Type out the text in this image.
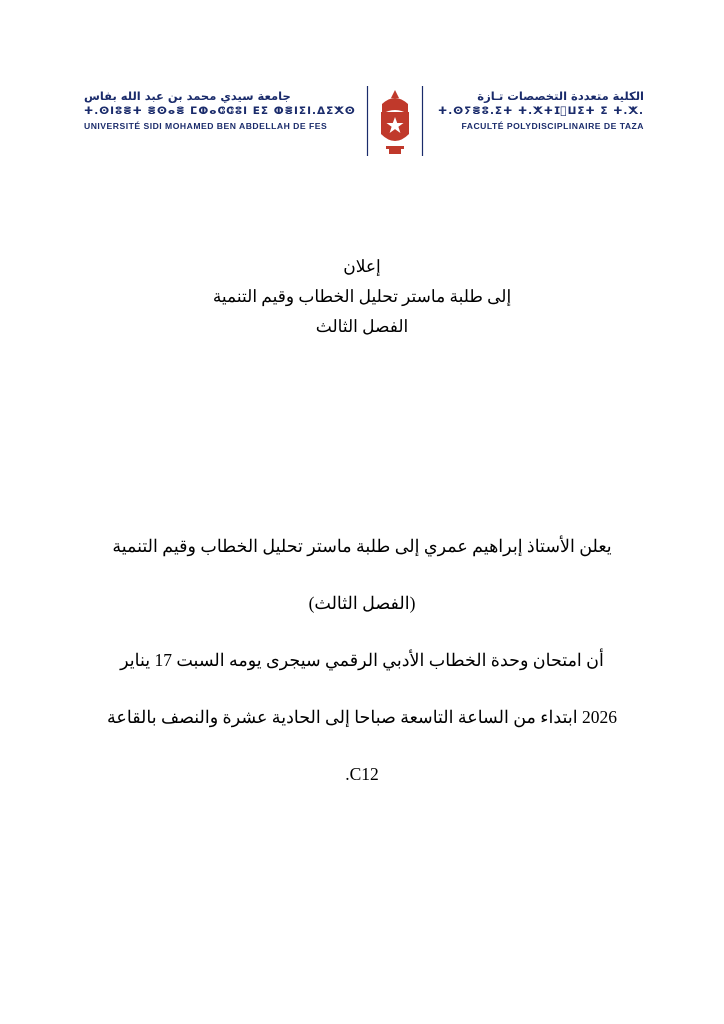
الكلية متعددة التخصصات تـازة
ⵜ.ⵙⵢⴻⵓ.ⵉⵜ ⵜ.ⵅⵜⵊ⵿ⵡⵉⵜ ⵉ ⵜ.ⵅ.
FACULTÉ POLYDISCIPLINAIRE DE TAZA
جامعة سيدي محمد بن عبد الله بفاس
ⵜ.ⵙⵏⵓⴻⵜ ⴻⵙⴰⴻ ⵎⵀⴰⵛⵛⵓⵏ ⴹⵉ ⵀⴻⵏⵉⵏ.ⵠⵉⵅⵙ
UNIVERSITÉ SIDI MOHAMED BEN ABDELLAH DE FES
إعلان
إلى طلبة ماستر تحليل الخطاب وقيم التنمية
الفصل الثالث
يعلن الأستاذ إبراهيم عمري إلى طلبة ماستر تحليل الخطاب وقيم التنمية
(الفصل الثالث)
أن امتحان وحدة الخطاب الأدبي الرقمي سيجرى يومه السبت 17 يناير
2026 ابتداء من الساعة التاسعة صباحا إلى الحادية عشرة والنصف بالقاعة
C12.
